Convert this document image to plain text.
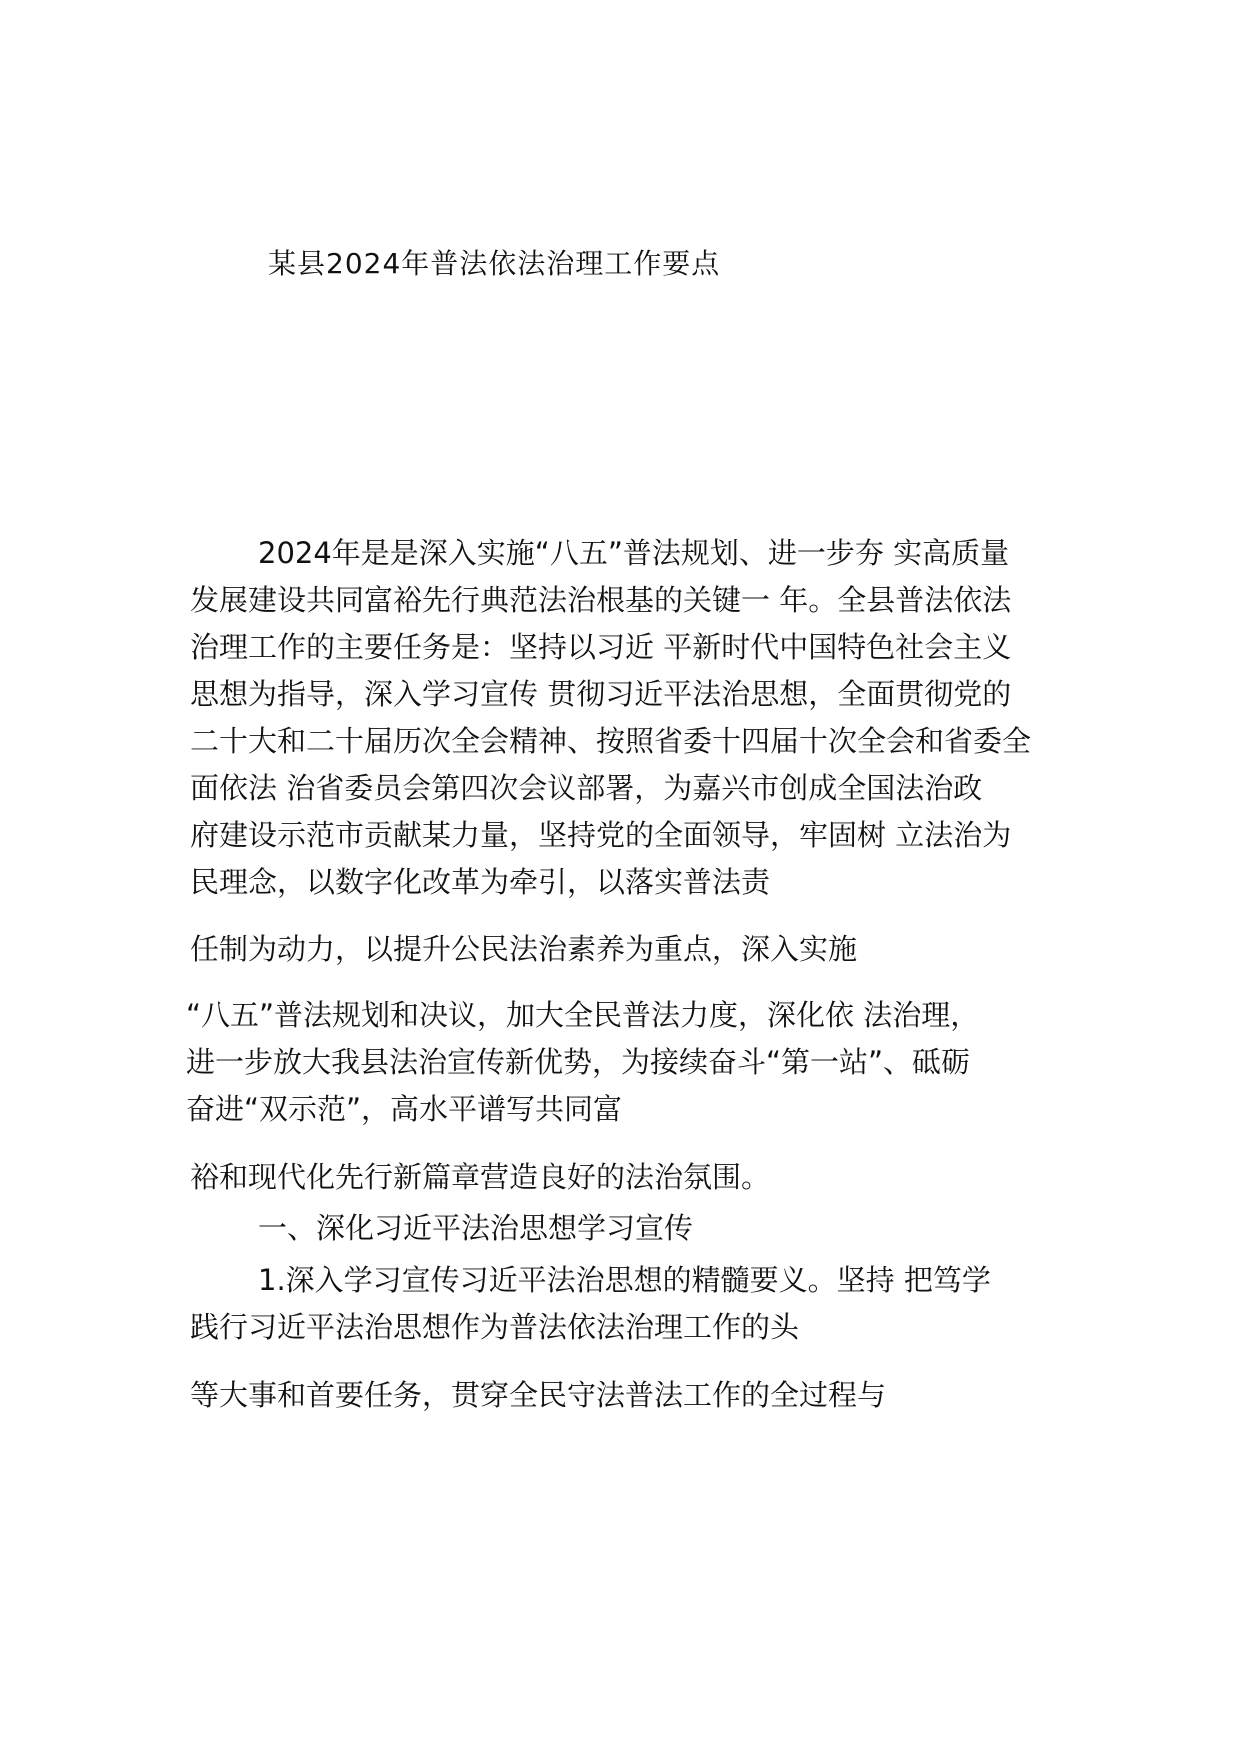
某县2024年普法依法治理工作要点
2024年是是深入实施“八五”普法规划、进一步夯 实高质量
发展建设共同富裕先行典范法治根基的关键一 年。全县普法依法
治理工作的主要任务是：坚持以习近 平新时代中国特色社会主义
思想为指导，深入学习宣传 贯彻习近平法治思想，全面贯彻党的
二十大和二十届历次全会精神、按照省委十四届十次全会和省委全
面依法 治省委员会第四次会议部署，为嘉兴市创成全国法治政
府建设示范市贡献某力量，坚持党的全面领导，牢固树 立法治为
民理念，以数字化改革为牵引，以落实普法责
任制为动力，以提升公民法治素养为重点，深入实施
“八五”普法规划和决议，加大全民普法力度，深化依 法治理，
进一步放大我县法治宣传新优势，为接续奋斗“第一站”、砥砺
奋进“双示范”，高水平谱写共同富
裕和现代化先行新篇章营造良好的法治氛围。
一、深化习近平法治思想学习宣传
1.深入学习宣传习近平法治思想的精髓要义。坚持 把笃学
践行习近平法治思想作为普法依法治理工作的头
等大事和首要任务，贯穿全民守法普法工作的全过程与
